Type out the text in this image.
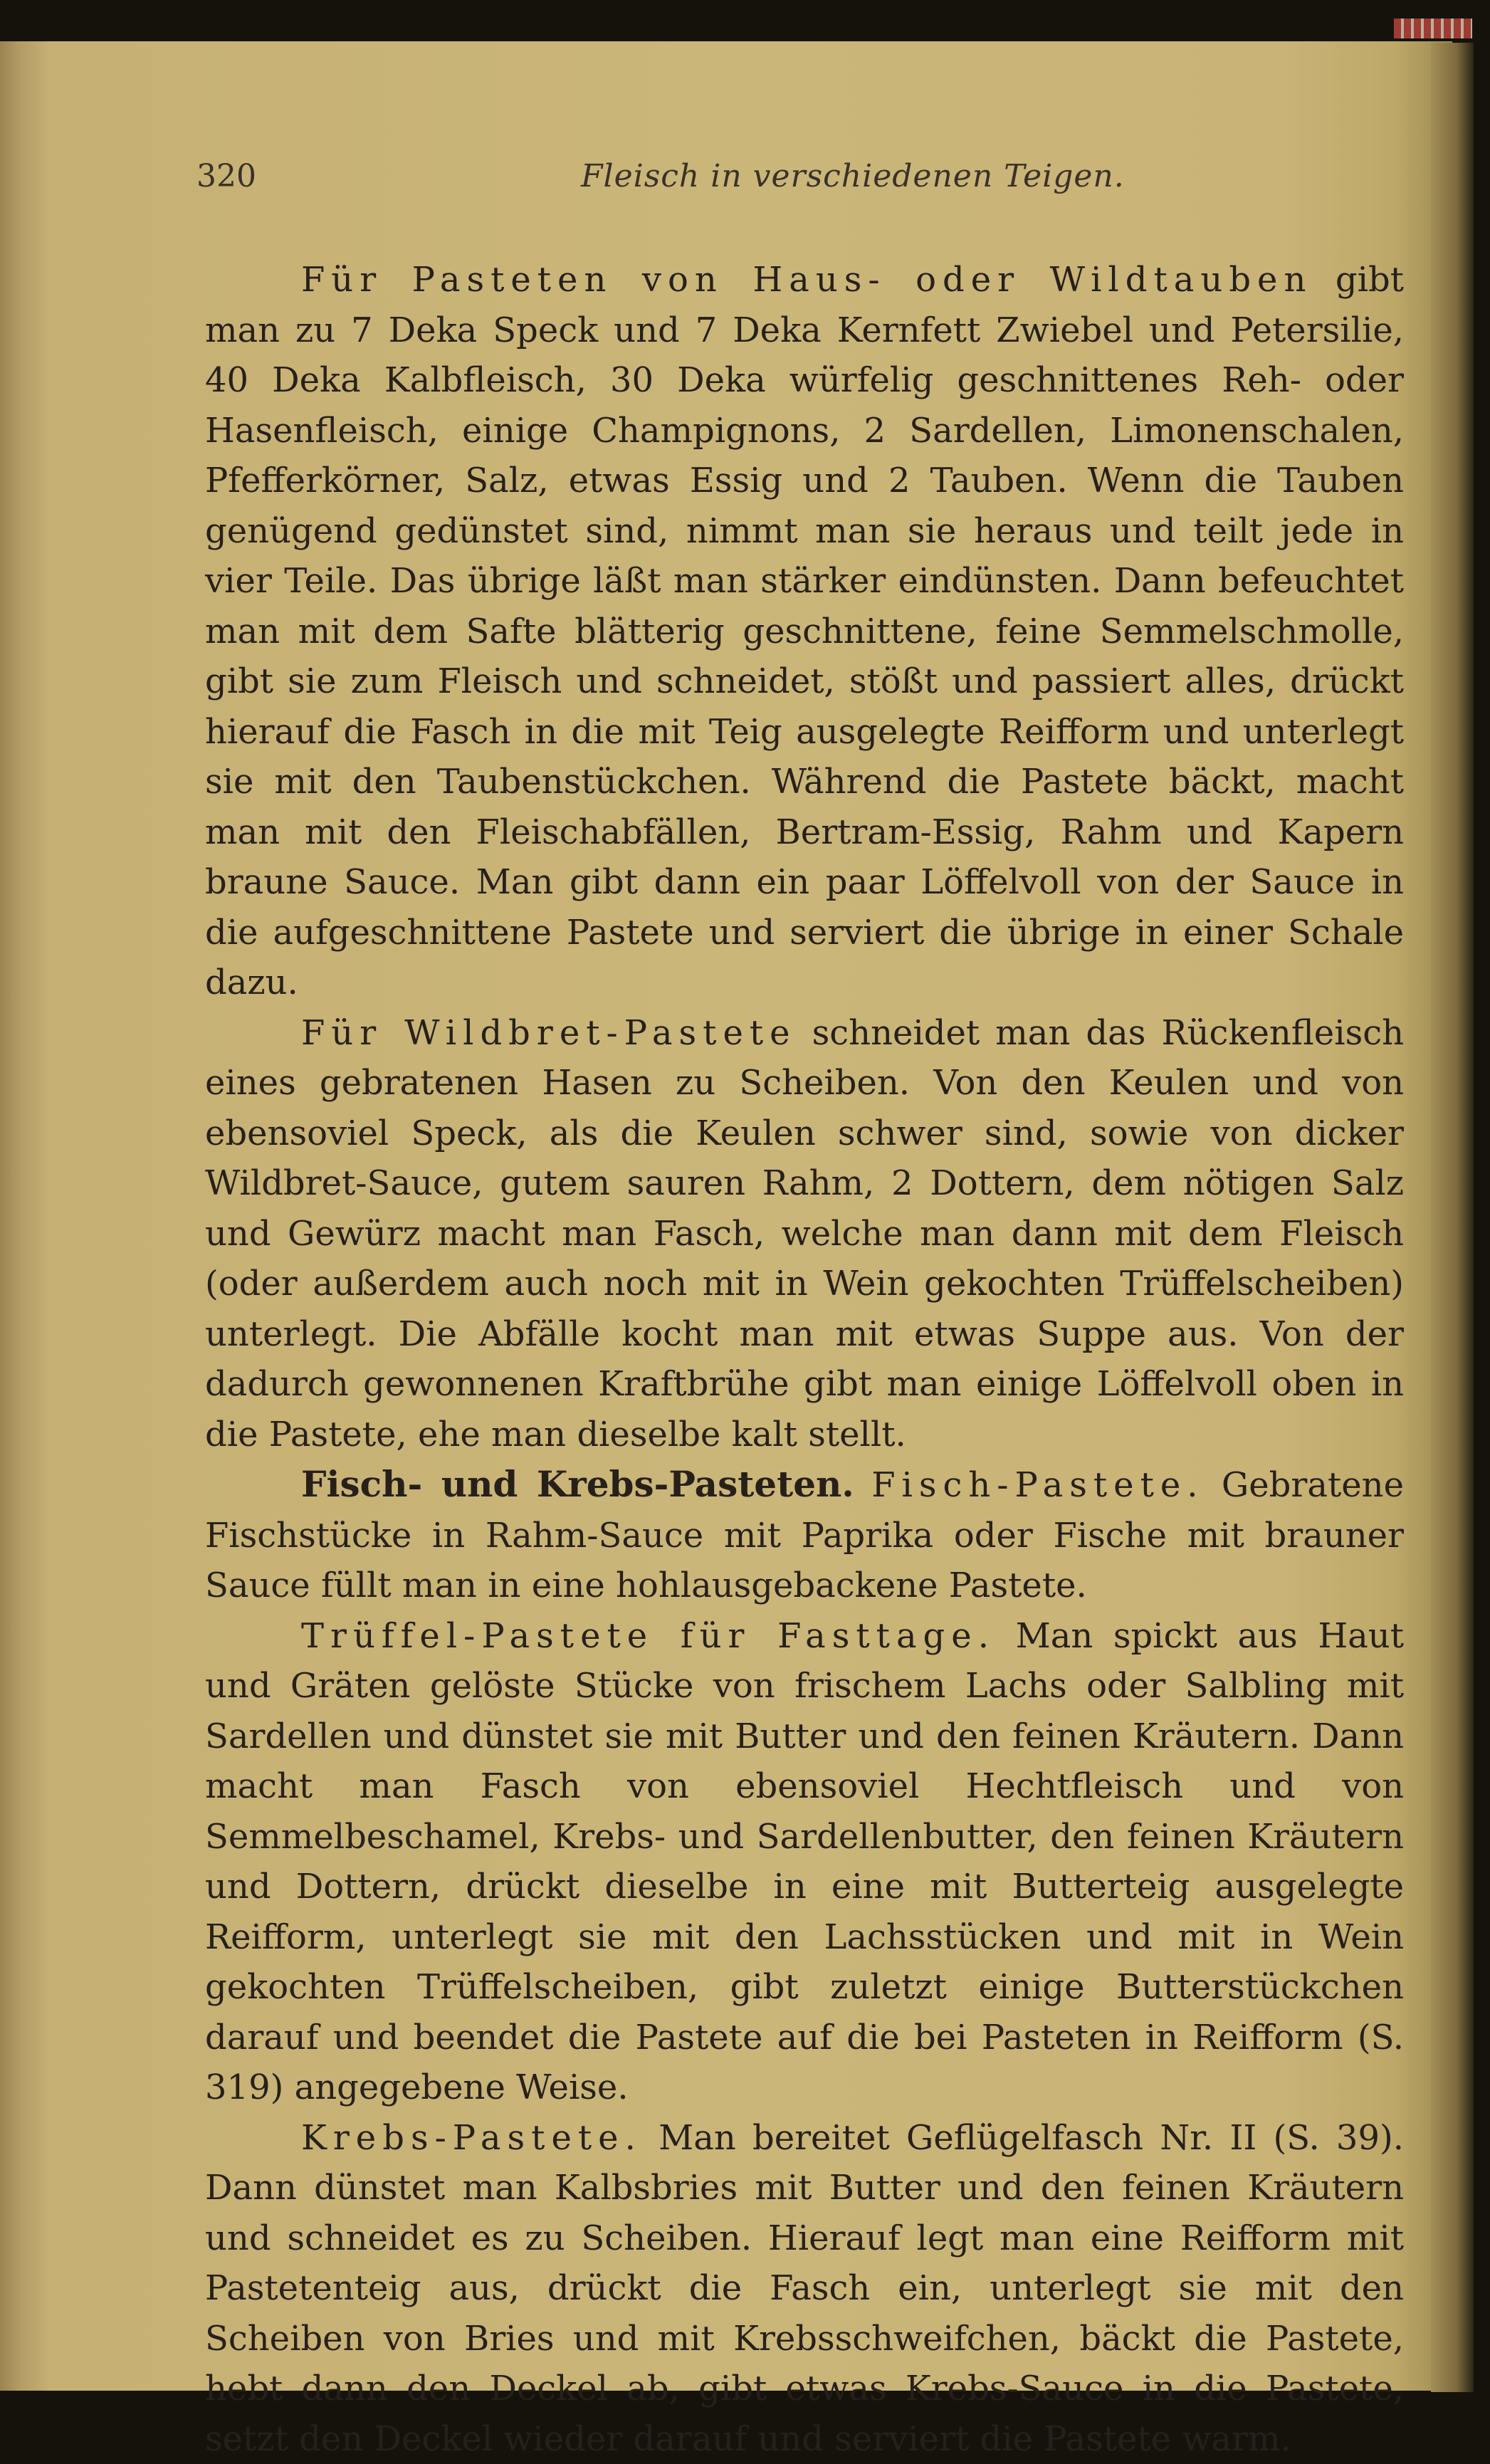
320	Fleisch in verschiedenen Teigen.

Für Pasteten von Haus- oder Wildtauben gibt man zu 7 Deka Speck und 7 Deka Kernfett Zwiebel und Petersilie, 40 Deka Kalbfleisch, 30 Deka würfelig geschnittenes Reh- oder Hasenfleisch, einige Champignons, 2 Sardellen, Limonenschalen, Pfefferkörner, Salz, etwas Essig und 2 Tauben. Wenn die Tauben genügend gedünstet sind, nimmt man sie heraus und teilt jede in vier Teile. Das übrige läßt man stärker eindünsten. Dann befeuchtet man mit dem Safte blätterig geschnittene, feine Semmelschmolle, gibt sie zum Fleisch und schneidet, stößt und passiert alles, drückt hierauf die Fasch in die mit Teig ausgelegte Reifform und unterlegt sie mit den Taubenstückchen. Während die Pastete bäckt, macht man mit den Fleischabfällen, Bertram-Essig, Rahm und Kapern braune Sauce. Man gibt dann ein paar Löffelvoll von der Sauce in die aufgeschnittene Pastete und serviert die übrige in einer Schale dazu.

Für Wildbret-Pastete schneidet man das Rückenfleisch eines gebratenen Hasen zu Scheiben. Von den Keulen und von ebensoviel Speck, als die Keulen schwer sind, sowie von dicker Wildbret-Sauce, gutem sauren Rahm, 2 Dottern, dem nötigen Salz und Gewürz macht man Fasch, welche man dann mit dem Fleisch (oder außerdem auch noch mit in Wein gekochten Trüffelscheiben) unterlegt. Die Abfälle kocht man mit etwas Suppe aus. Von der dadurch gewonnenen Kraftbrühe gibt man einige Löffelvoll oben in die Pastete, ehe man dieselbe kalt stellt.

Fisch- und Krebs-Pasteten. Fisch-Pastete. Gebratene Fischstücke in Rahm-Sauce mit Paprika oder Fische mit brauner Sauce füllt man in eine hohlausgebackene Pastete.

Trüffel-Pastete für Fasttage. Man spickt aus Haut und Gräten gelöste Stücke von frischem Lachs oder Salbling mit Sardellen und dünstet sie mit Butter und den feinen Kräutern. Dann macht man Fasch von ebensoviel Hechtfleisch und von Semmelbeschamel, Krebs- und Sardellenbutter, den feinen Kräutern und Dottern, drückt dieselbe in eine mit Butterteig ausgelegte Reifform, unterlegt sie mit den Lachsstücken und mit in Wein gekochten Trüffelscheiben, gibt zuletzt einige Butterstückchen darauf und beendet die Pastete auf die bei Pasteten in Reifform (S. 319) angegebene Weise.

Krebs-Pastete. Man bereitet Geflügelfasch Nr. II (S. 39). Dann dünstet man Kalbsbries mit Butter und den feinen Kräutern und schneidet es zu Scheiben. Hierauf legt man eine Reifform mit Pastetenteig aus, drückt die Fasch ein, unterlegt sie mit den Scheiben von Bries und mit Krebsschweifchen, bäckt die Pastete, hebt dann den Deckel ab, gibt etwas Krebs-Sauce in die Pastete, setzt den Deckel wieder darauf und serviert die Pastete warm.
